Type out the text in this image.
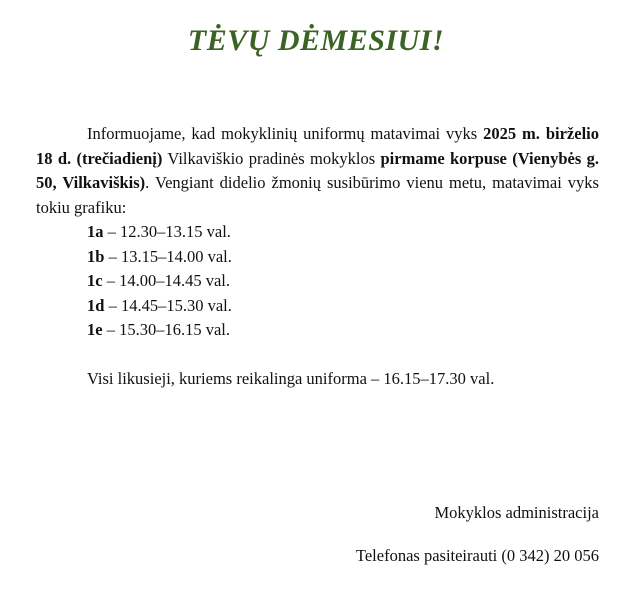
TĖVŲ DĖMESIUI!

Informuojame, kad mokyklinių uniformų matavimai vyks 2025 m. birželio 18 d. (trečiadienį) Vilkaviškio pradinės mokyklos pirmame korpuse (Vienybės g. 50, Vilkaviškis). Vengiant didelio žmonių susibūrimo vienu metu, matavimai vyks tokiu grafiku:

1a – 12.30–13.15 val.
1b – 13.15–14.00 val.
1c – 14.00–14.45 val.
1d – 14.45–15.30 val.
1e – 15.30–16.15 val.

Visi likusieji, kuriems reikalinga uniforma – 16.15–17.30 val.

Mokyklos administracija
Telefonas pasiteirauti (0 342) 20 056
